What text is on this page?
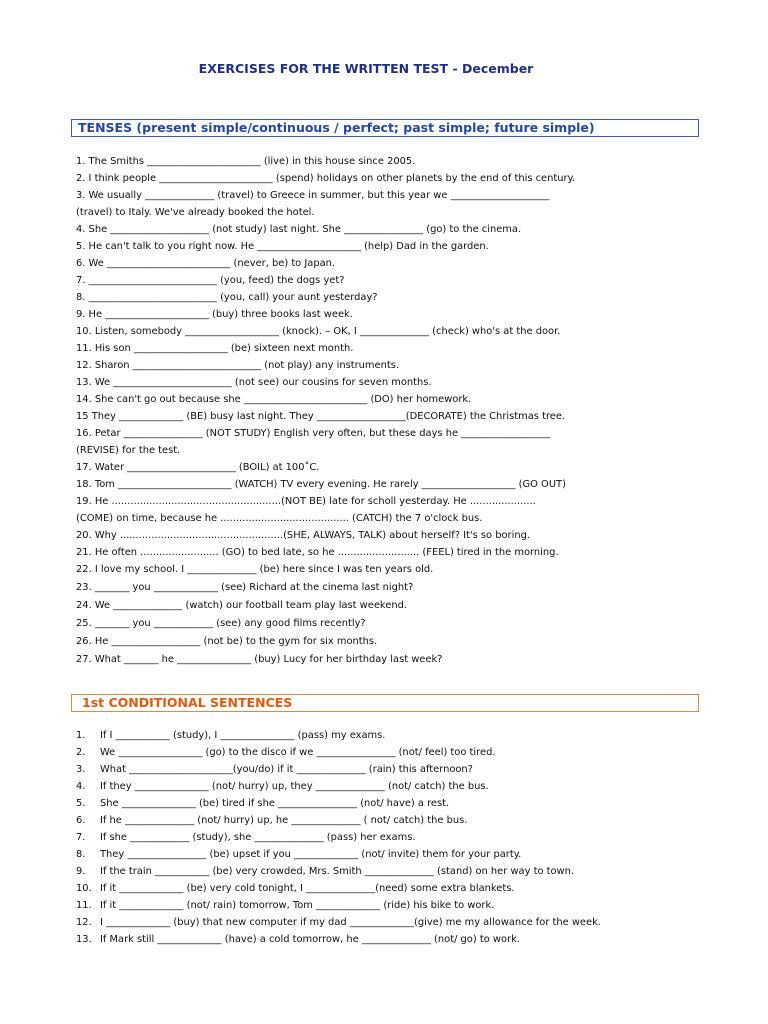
EXERCISES FOR THE WRITTEN TEST - December
TENSES (present simple/continuous / perfect; past simple; future simple)
1. The Smiths _______________________ (live) in this house since 2005.
2. I think people _______________________ (spend) holidays on other planets by the end of this century.
3. We usually ______________ (travel) to Greece in summer, but this year we ____________________
(travel) to Italy. We've already booked the hotel.
4. She ____________________ (not study) last night. She ________________ (go) to the cinema.
5. He can't talk to you right now. He _____________________ (help) Dad in the garden.
6. We _________________________ (never, be) to Japan.
7. __________________________ (you, feed) the dogs yet?
8. __________________________ (you, call) your aunt yesterday?
9. He _____________________ (buy) three books last week.
10. Listen, somebody ___________________ (knock). – OK, I ______________ (check) who's at the door.
11. His son ___________________ (be) sixteen next month.
12. Sharon __________________________ (not play) any instruments.
13. We ________________________ (not see) our cousins for seven months.
14. She can't go out because she _________________________ (DO) her homework.
15 They _____________ (BE) busy last night. They __________________(DECORATE) the Christmas tree.
16. Petar ________________ (NOT STUDY) English very often, but these days he __________________
(REVISE) for the test.
17. Water ______________________ (BOIL) at 100˚C.
18. Tom _______________________ (WATCH) TV every evening. He rarely ___________________ (GO OUT)
19. He ......................................................(NOT BE) late for scholl yesterday. He .....................
(COME) on time, because he ......................................... (CATCH) the 7 o'clock bus.
20. Why ....................................................(SHE, ALWAYS, TALK) about herself? It's so boring.
21. He often ......................... (GO) to bed late, so he .......................... (FEEL) tired in the morning.
22. I love my school. I ______________ (be) here since I was ten years old.
23. _______ you _____________ (see) Richard at the cinema last night?
24. We ______________ (watch) our football team play last weekend.
25. _______ you ____________ (see) any good films recently?
26. He __________________ (not be) to the gym for six months.
27. What _______ he _______________ (buy) Lucy for her birthday last week?
1st CONDITIONAL SENTENCES
1. If I ___________ (study), I _______________ (pass) my exams.
2. We _________________ (go) to the disco if we ________________ (not/ feel) too tired.
3. What _____________________(you/do) if it ______________ (rain) this afternoon?
4. If they _______________ (not/ hurry) up, they ______________ (not/ catch) the bus.
5. She _______________ (be) tired if she ________________ (not/ have) a rest.
6. If he ______________ (not/ hurry) up, he ______________ ( not/ catch) the bus.
7. If she ____________ (study), she ______________ (pass) her exams.
8. They ________________ (be) upset if you _____________ (not/ invite) them for your party.
9. If the train ___________ (be) very crowded, Mrs. Smith ______________ (stand) on her way to town.
10. If it _____________ (be) very cold tonight, I ______________(need) some extra blankets.
11. If it _____________ (not/ rain) tomorrow, Tom _____________ (ride) his bike to work.
12. I _____________ (buy) that new computer if my dad _____________(give) me my allowance for the week.
13. If Mark still _____________ (have) a cold tomorrow, he ______________ (not/ go) to work.
